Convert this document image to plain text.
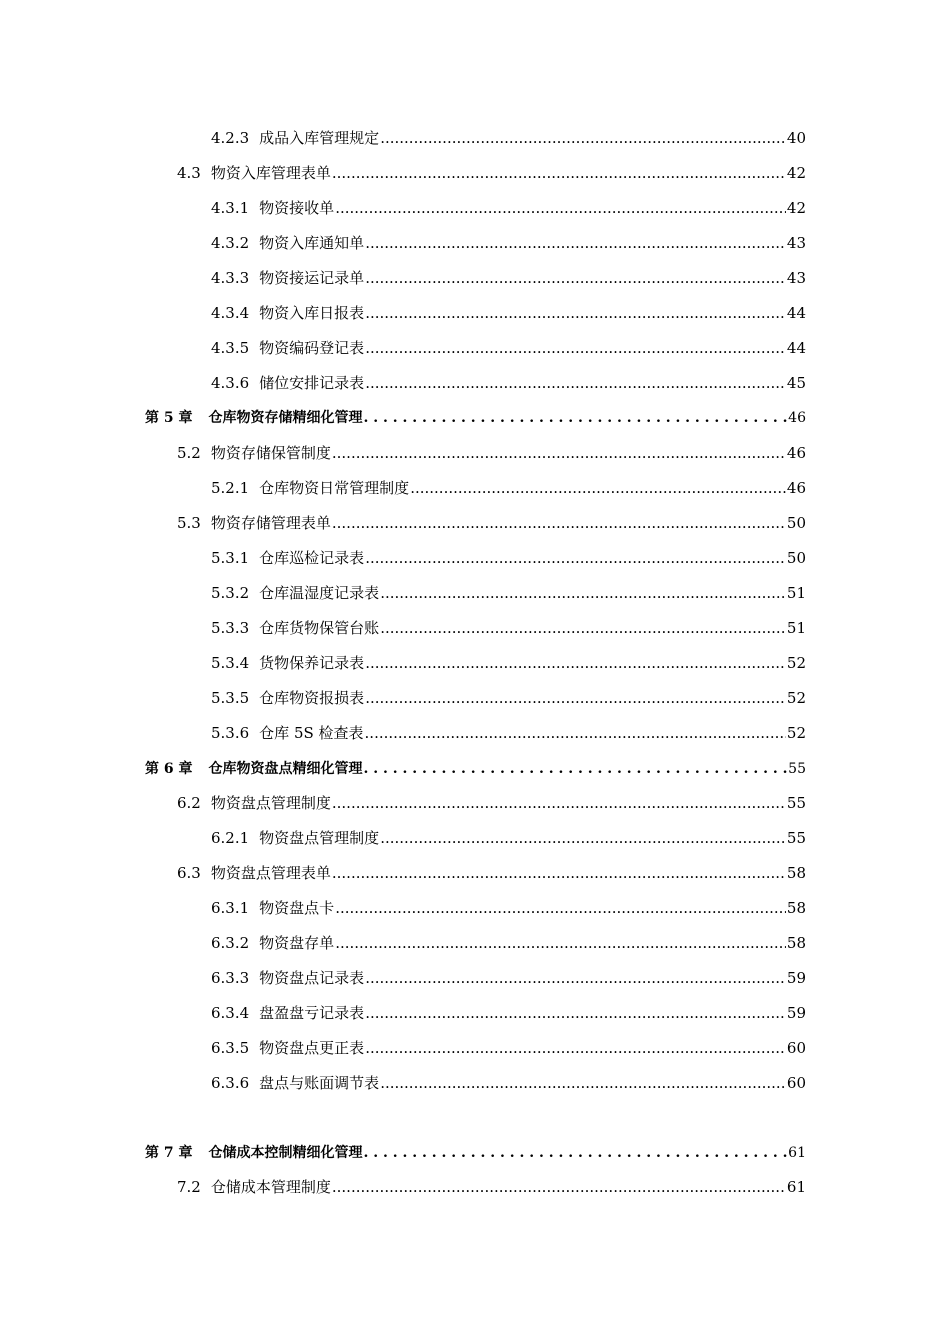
4.2.3 成品入库管理规定 .....	40
4.3 物资入库管理表单 .....	42
4.3.1 物资接收单 .....	42
4.3.2 物资入库通知单 .....	43
4.3.3 物资接运记录单 .....	43
4.3.4 物资入库日报表 .....	44
4.3.5 物资编码登记表 .....	44
4.3.6 储位安排记录表 .....	45
第 5 章 仓库物资存储精细化管理 . . .	46
5.2 物资存储保管制度 .....	46
5.2.1 仓库物资日常管理制度 .....	46
5.3 物资存储管理表单 .....	50
5.3.1 仓库巡检记录表 .....	50
5.3.2 仓库温湿度记录表 .....	51
5.3.3 仓库货物保管台账 .....	51
5.3.4 货物保养记录表 .....	52
5.3.5 仓库物资报损表 .....	52
5.3.6 仓库 5S 检查表 .....	52
第 6 章 仓库物资盘点精细化管理 . . .	55
6.2 物资盘点管理制度 .....	55
6.2.1 物资盘点管理制度 .....	55
6.3 物资盘点管理表单 .....	58
6.3.1 物资盘点卡 .....	58
6.3.2 物资盘存单 .....	58
6.3.3 物资盘点记录表 .....	59
6.3.4 盘盈盘亏记录表 .....	59
6.3.5 物资盘点更正表 .....	60
6.3.6 盘点与账面调节表 .....	60
第 7 章 仓储成本控制精细化管理 . . .	61
7.2 仓储成本管理制度 .....	61
